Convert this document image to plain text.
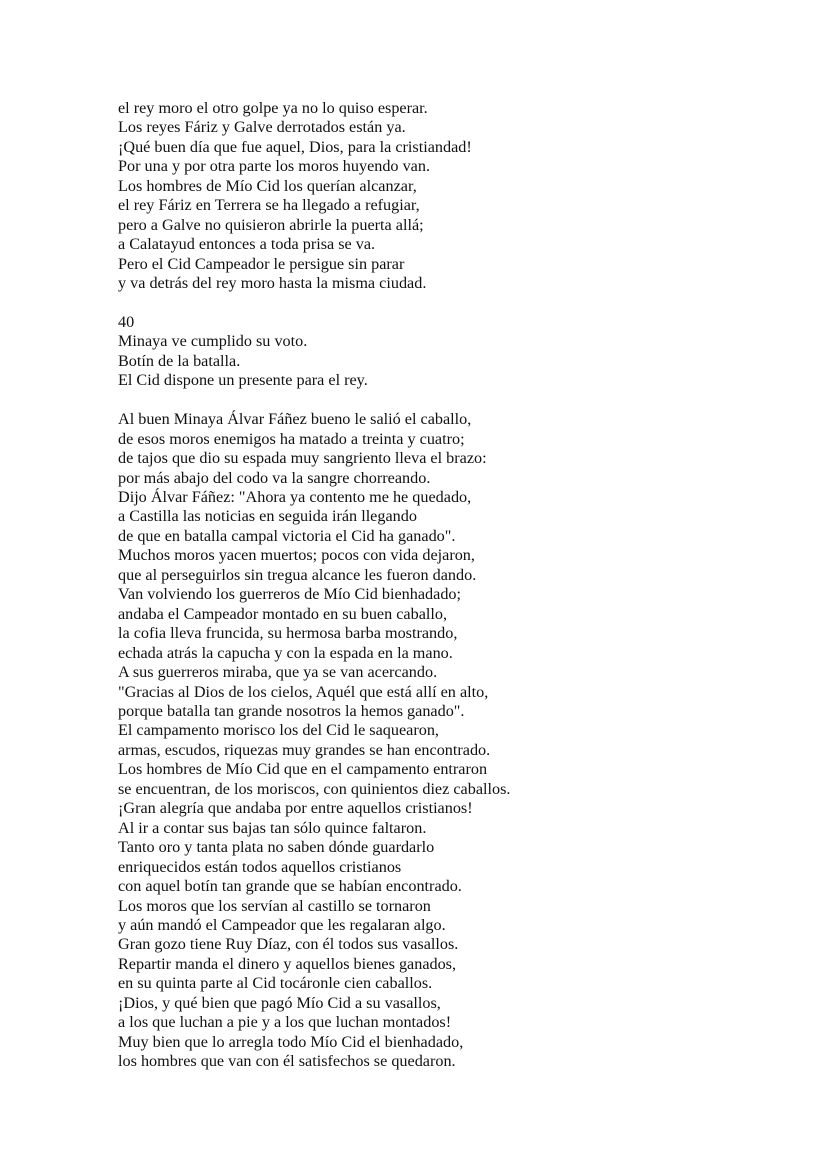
el rey moro el otro golpe ya no lo quiso esperar.
Los reyes Fáriz y Galve derrotados están ya.
¡Qué buen día que fue aquel, Dios, para la cristiandad!
Por una y por otra parte los moros huyendo van.
Los hombres de Mío Cid los querían alcanzar,
el rey Fáriz en Terrera se ha llegado a refugiar,
pero a Galve no quisieron abrirle la puerta allá;
a Calatayud entonces a toda prisa se va.
Pero el Cid Campeador le persigue sin parar
y va detrás del rey moro hasta la misma ciudad.
40
Minaya ve cumplido su voto.
Botín de la batalla.
El Cid dispone un presente para el rey.
Al buen Minaya Álvar Fáñez bueno le salió el caballo,
de esos moros enemigos ha matado a treinta y cuatro;
de tajos que dio su espada muy sangriento lleva el brazo:
por más abajo del codo va la sangre chorreando.
Dijo Álvar Fáñez: "Ahora ya contento me he quedado,
a Castilla las noticias en seguida irán llegando
de que en batalla campal victoria el Cid ha ganado".
Muchos moros yacen muertos; pocos con vida dejaron,
que al perseguirlos sin tregua alcance les fueron dando.
Van volviendo los guerreros de Mío Cid bienhadado;
andaba el Campeador montado en su buen caballo,
la cofia lleva fruncida, su hermosa barba mostrando,
echada atrás la capucha y con la espada en la mano.
A sus guerreros miraba, que ya se van acercando.
"Gracias al Dios de los cielos, Aquél que está allí en alto,
porque batalla tan grande nosotros la hemos ganado".
El campamento morisco los del Cid le saquearon,
armas, escudos, riquezas muy grandes se han encontrado.
Los hombres de Mío Cid que en el campamento entraron
se encuentran, de los moriscos, con quinientos diez caballos.
¡Gran alegría que andaba por entre aquellos cristianos!
Al ir a contar sus bajas tan sólo quince faltaron.
Tanto oro y tanta plata no saben dónde guardarlo
enriquecidos están todos aquellos cristianos
con aquel botín tan grande que se habían encontrado.
Los moros que los servían al castillo se tornaron
y aún mandó el Campeador que les regalaran algo.
Gran gozo tiene Ruy Díaz, con él todos sus vasallos.
Repartir manda el dinero y aquellos bienes ganados,
en su quinta parte al Cid tocáronle cien caballos.
¡Dios, y qué bien que pagó Mío Cid a su vasallos,
a los que luchan a pie y a los que luchan montados!
Muy bien que lo arregla todo Mío Cid el bienhadado,
los hombres que van con él satisfechos se quedaron.
